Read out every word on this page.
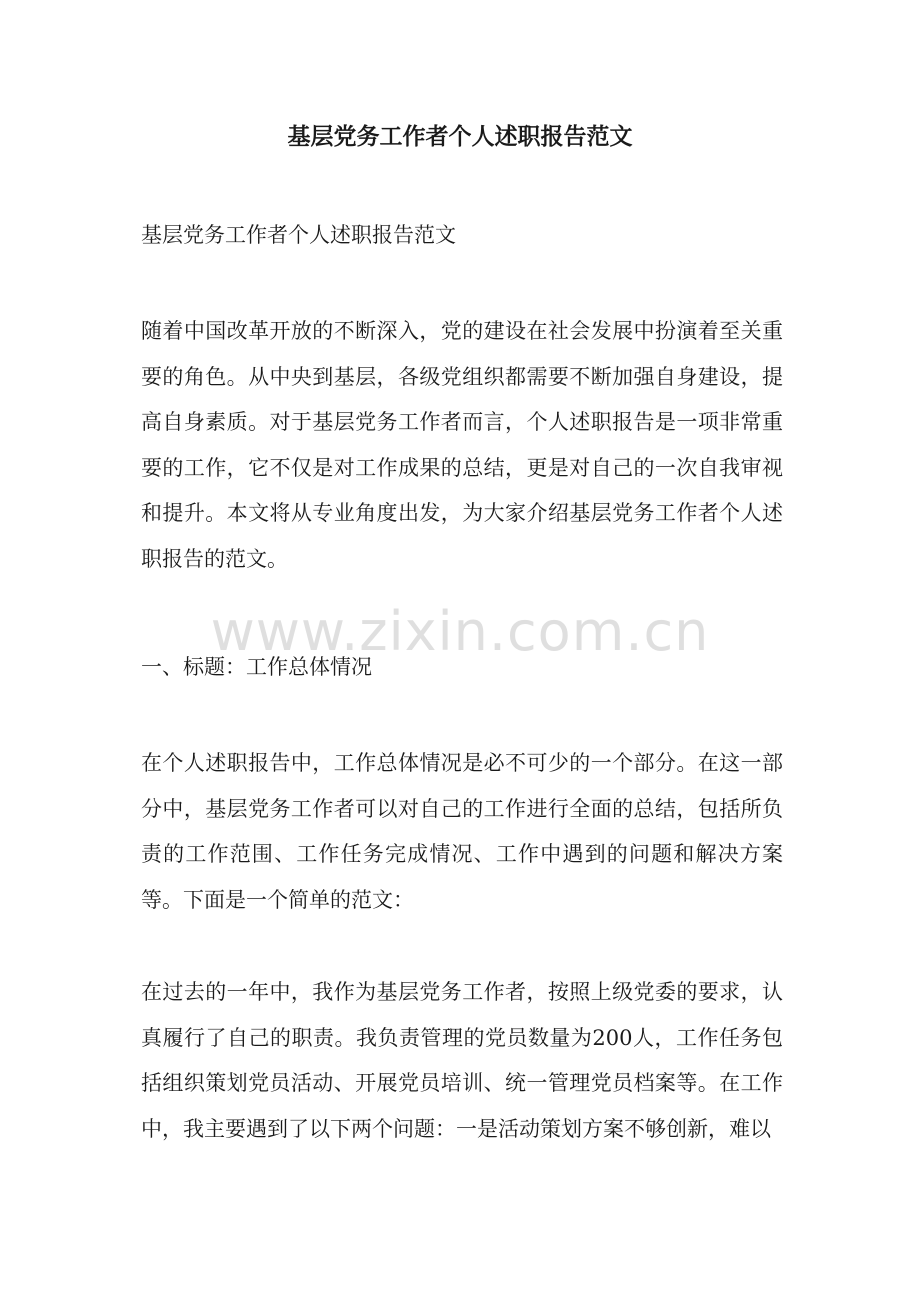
基层党务工作者个人述职报告范文

基层党务工作者个人述职报告范文

随着中国改革开放的不断深入，党的建设在社会发展中扮演着至关重要的角色。从中央到基层，各级党组织都需要不断加强自身建设，提高自身素质。对于基层党务工作者而言，个人述职报告是一项非常重要的工作，它不仅是对工作成果的总结，更是对自己的一次自我审视和提升。本文将从专业角度出发，为大家介绍基层党务工作者个人述职报告的范文。

www.zixin.com.cn

一、标题：工作总体情况

在个人述职报告中，工作总体情况是必不可少的一个部分。在这一部分中，基层党务工作者可以对自己的工作进行全面的总结，包括所负责的工作范围、工作任务完成情况、工作中遇到的问题和解决方案等。下面是一个简单的范文：

在过去的一年中，我作为基层党务工作者，按照上级党委的要求，认真履行了自己的职责。我负责管理的党员数量为200人，工作任务包括组织策划党员活动、开展党员培训、统一管理党员档案等。在工作中，我主要遇到了以下两个问题：一是活动策划方案不够创新，难以
